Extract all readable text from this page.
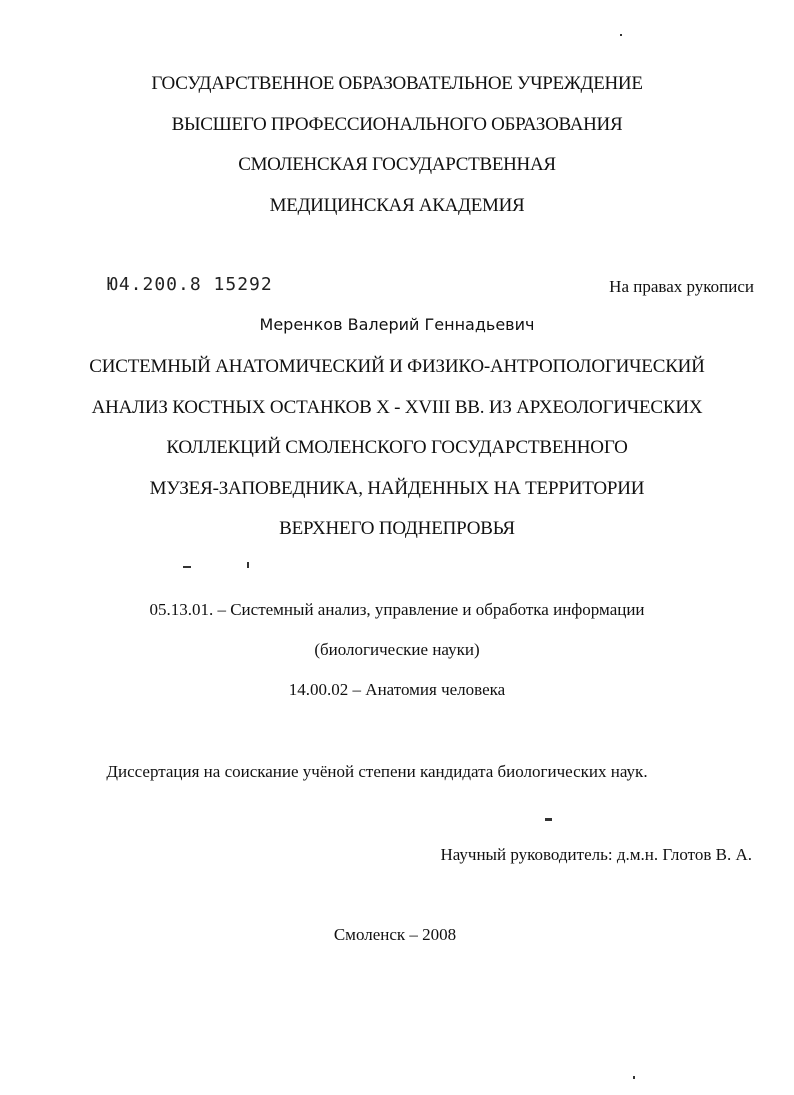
ГОСУДАРСТВЕННОЕ ОБРАЗОВАТЕЛЬНОЕ УЧРЕЖДЕНИЕ
ВЫСШЕГО ПРОФЕССИОНАЛЬНОГО ОБРАЗОВАНИЯ
СМОЛЕНСКАЯ ГОСУДАРСТВЕННАЯ
МЕДИЦИНСКАЯ АКАДЕМИЯ
Ю4.200.8 15292	На правах рукописи
Меренков Валерий Геннадьевич
СИСТЕМНЫЙ АНАТОМИЧЕСКИЙ И ФИЗИКО-АНТРОПОЛОГИЧЕСКИЙ
АНАЛИЗ КОСТНЫХ ОСТАНКОВ X - XVIII ВВ. ИЗ АРХЕОЛОГИЧЕСКИХ
КОЛЛЕКЦИЙ СМОЛЕНСКОГО ГОСУДАРСТВЕННОГО
МУЗЕЯ-ЗАПОВЕДНИКА, НАЙДЕННЫХ НА ТЕРРИТОРИИ
ВЕРХНЕГО ПОДНЕПРОВЬЯ
05.13.01. – Системный анализ, управление и обработка информации
(биологические науки)
14.00.02 – Анатомия человека
Диссертация на соискание учёной степени кандидата биологических наук.
Научный руководитель: д.м.н. Глотов В. А.
Смоленск – 2008
